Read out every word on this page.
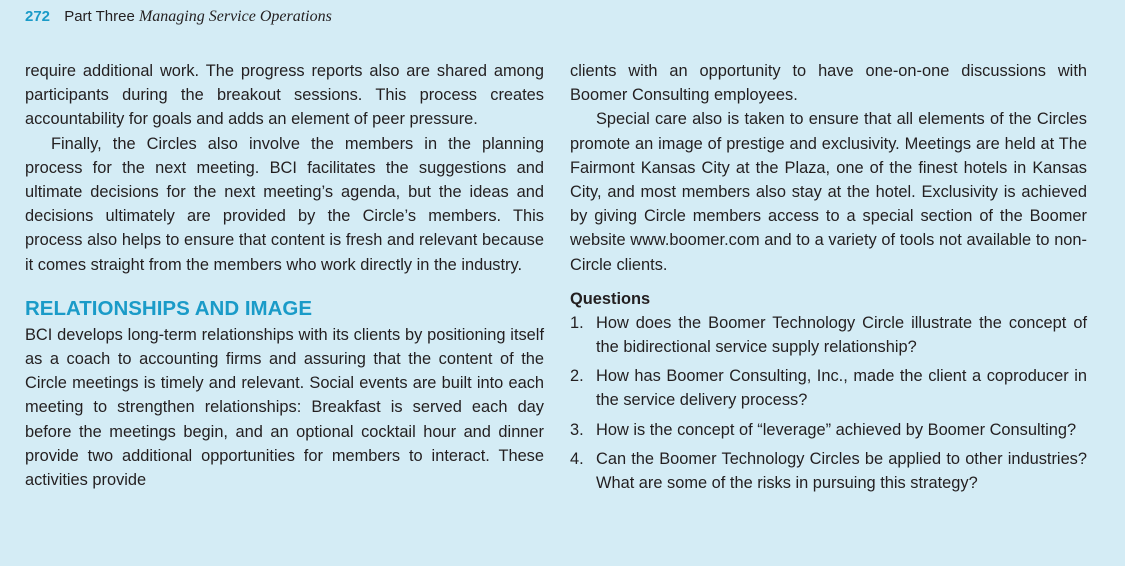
272 Part Three Managing Service Operations

require additional work. The progress reports also are shared among participants during the breakout sessions. This process creates accountability for goals and adds an element of peer pressure.

Finally, the Circles also involve the members in the planning process for the next meeting. BCI facilitates the suggestions and ultimate decisions for the next meeting’s agenda, but the ideas and decisions ultimately are provided by the Circle’s members. This process also helps to ensure that content is fresh and relevant because it comes straight from the members who work directly in the industry.

RELATIONSHIPS AND IMAGE

BCI develops long-term relationships with its clients by positioning itself as a coach to accounting firms and assuring that the content of the Circle meetings is timely and relevant. Social events are built into each meeting to strengthen relationships: Breakfast is served each day before the meetings begin, and an optional cocktail hour and dinner provide two additional opportunities for members to interact. These activities provide

clients with an opportunity to have one-on-one discussions with Boomer Consulting employees.

Special care also is taken to ensure that all elements of the Circles promote an image of prestige and exclusivity. Meetings are held at The Fairmont Kansas City at the Plaza, one of the finest hotels in Kansas City, and most members also stay at the hotel. Exclusivity is achieved by giving Circle members access to a special section of the Boomer website www.boomer.com and to a variety of tools not available to non-Circle clients.

Questions
1. How does the Boomer Technology Circle illustrate the concept of the bidirectional service supply relationship?
2. How has Boomer Consulting, Inc., made the client a coproducer in the service delivery process?
3. How is the concept of “leverage” achieved by Boomer Consulting?
4. Can the Boomer Technology Circles be applied to other industries? What are some of the risks in pursuing this strategy?
